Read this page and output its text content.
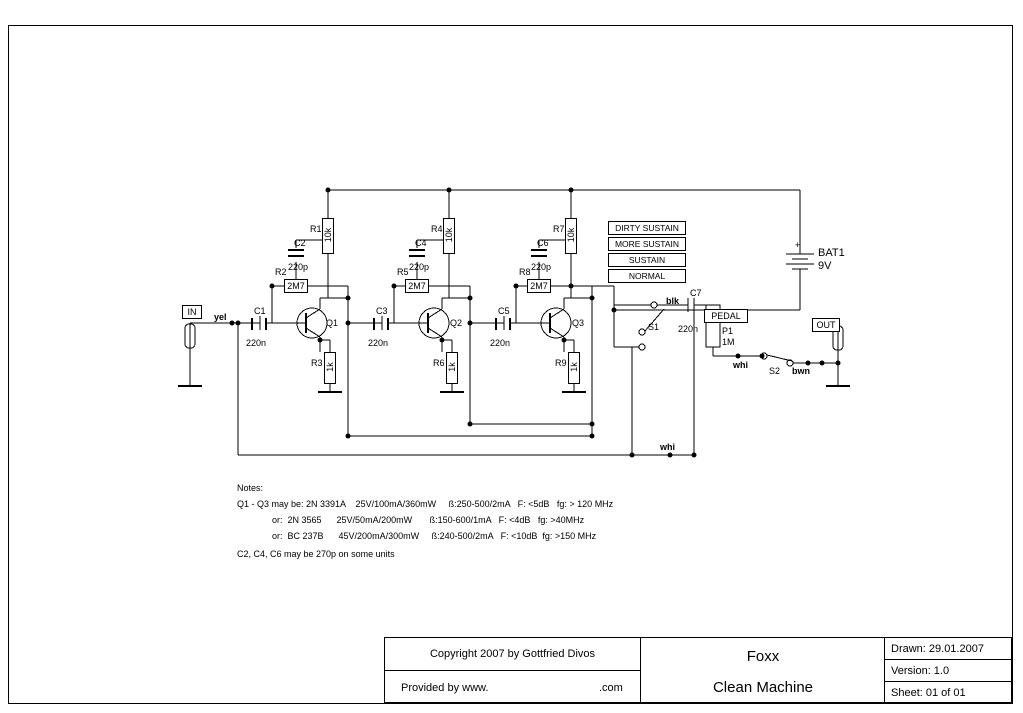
IN
OUT
yel
blk
whi
bwn
whi
DIRTY SUSTAIN
MORE SUSTAIN
SUSTAIN
NORMAL
+
BAT1
9V
PEDAL
P1
1M
S1
S2
Q1	Q2	Q3
C1
220n
C2
220p
C3
220n
C4
220p
C5
220n
C6
220p
C7
220n
10k
R1
2M7
R2
1k
R3
10k
R4
2M7
R5
1k
R6
10k
R7
2M7
R8
1k
R9
Notes:
Q1 - Q3 may be: 2N 3391A    25V/100mA/360mW     ß:250-500/2mA   F: <5dB   fg: > 120 MHz
or:  2N 3565      25V/50mA/200mW       ß:150-600/1mA   F: <4dB   fg: >40MHz
or:  BC 237B      45V/200mA/300mW     ß:240-500/2mA   F: <10dB  fg: >150 MHz
C2, C4, C6 may be 270p on some units
Copyright 2007 by Gottfried Divos
Provided by www.	.com
Foxx
Clean Machine
Drawn: 29.01.2007
Version: 1.0
Sheet: 01 of 01
